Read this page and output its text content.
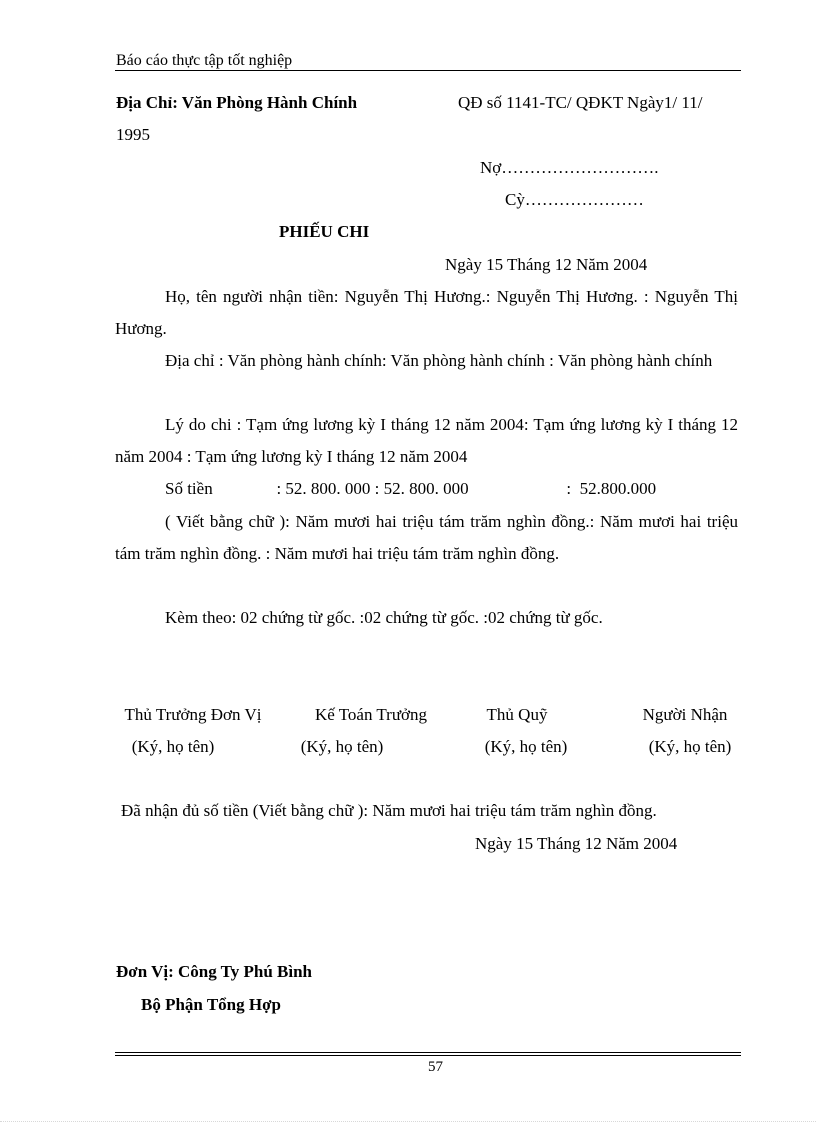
Báo cáo thực tập tốt nghiệp
Địa Chỉ: Văn Phòng Hành Chính	QĐ số 1141-TC/ QĐKT Ngày1/ 11/
1995
Nợ……………………….
Cỳ…………………
PHIẾU CHI
Ngày 15 Tháng 12 Năm 2004
Họ, tên người nhận tiền: Nguyễn Thị Hương.: Nguyễn Thị Hương. : Nguyễn Thị Hương.
Địa chỉ : Văn phòng hành chính: Văn phòng hành chính : Văn phòng hành chính
Lý do chi : Tạm ứng lương kỳ I tháng 12 năm 2004: Tạm ứng lương kỳ I tháng 12 năm 2004 : Tạm ứng lương kỳ I tháng 12 năm 2004
Số tiền               : 52. 800. 000 : 52. 800. 000                       :  52.800.000
( Viết bằng chữ ): Năm mươi hai triệu tám trăm nghìn đồng.: Năm mươi hai triệu tám trăm nghìn đồng. : Năm mươi hai triệu tám trăm nghìn đồng.
Kèm theo: 02 chứng từ gốc. :02 chứng từ gốc. :02 chứng từ gốc.
Thủ Trưởng Đơn Vị
(Ký, họ tên)
Kế Toán Trưởng
(Ký, họ tên)
Thủ Quỹ
(Ký, họ tên)
Người Nhận
(Ký, họ tên)
Đã nhận đủ số tiền (Viết bằng chữ ): Năm mươi hai triệu tám trăm nghìn đồng.
Ngày 15 Tháng 12 Năm 2004
Đơn Vị: Công Ty Phú Bình
Bộ Phận Tổng Hợp
57
